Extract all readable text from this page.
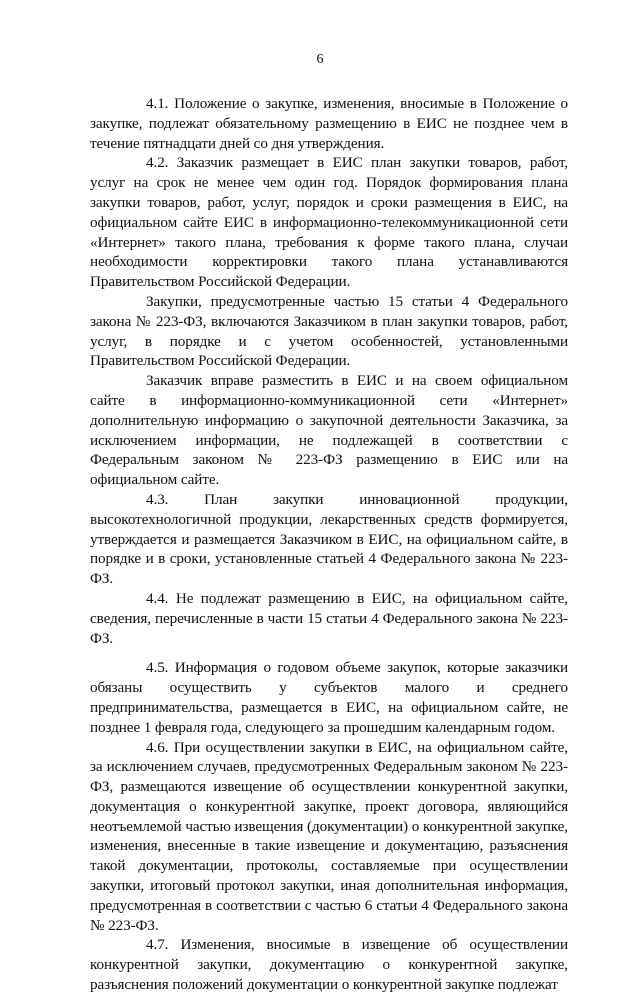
6

4.1. Положение о закупке, изменения, вносимые в Положение о закупке, подлежат обязательному размещению в ЕИС не позднее чем в течение пятнадцати дней со дня утверждения.

4.2. Заказчик размещает в ЕИС план закупки товаров, работ, услуг на срок не менее чем один год. Порядок формирования плана закупки товаров, работ, услуг, порядок и сроки размещения в ЕИС, на официальном сайте ЕИС в информационно-телекоммуникационной сети «Интернет» такого плана, требования к форме такого плана, случаи необходимости корректировки такого плана устанавливаются Правительством Российской Федерации.

Закупки, предусмотренные частью 15 статьи 4 Федерального закона № 223-ФЗ, включаются Заказчиком в план закупки товаров, работ, услуг, в порядке и с учетом особенностей, установленными Правительством Российской Федерации.

Заказчик вправе разместить в ЕИС и на своем официальном сайте в информационно-коммуникационной сети «Интернет» дополнительную информацию о закупочной деятельности Заказчика, за исключением информации, не подлежащей в соответствии с Федеральным законом № 223-ФЗ размещению в ЕИС или на официальном сайте.

4.3. План закупки инновационной продукции, высокотехнологичной продукции, лекарственных средств формируется, утверждается и размещается Заказчиком в ЕИС, на официальном сайте, в порядке и в сроки, установленные статьей 4 Федерального закона № 223-ФЗ.

4.4. Не подлежат размещению в ЕИС, на официальном сайте, сведения, перечисленные в части 15 статьи 4 Федерального закона № 223-ФЗ.

4.5. Информация о годовом объеме закупок, которые заказчики обязаны осуществить у субъектов малого и среднего предпринимательства, размещается в ЕИС, на официальном сайте, не позднее 1 февраля года, следующего за прошедшим календарным годом.

4.6. При осуществлении закупки в ЕИС, на официальном сайте, за исключением случаев, предусмотренных Федеральным законом № 223-ФЗ, размещаются извещение об осуществлении конкурентной закупки, документация о конкурентной закупке, проект договора, являющийся неотъемлемой частью извещения (документации) о конкурентной закупке, изменения, внесенные в такие извещение и документацию, разъяснения такой документации, протоколы, составляемые при осуществлении закупки, итоговый протокол закупки, иная дополнительная информация, предусмотренная в соответствии с частью 6 статьи 4 Федерального закона № 223-ФЗ.

4.7. Изменения, вносимые в извещение об осуществлении конкурентной закупки, документацию о конкурентной закупке, разъяснения положений документации о конкурентной закупке подлежат
